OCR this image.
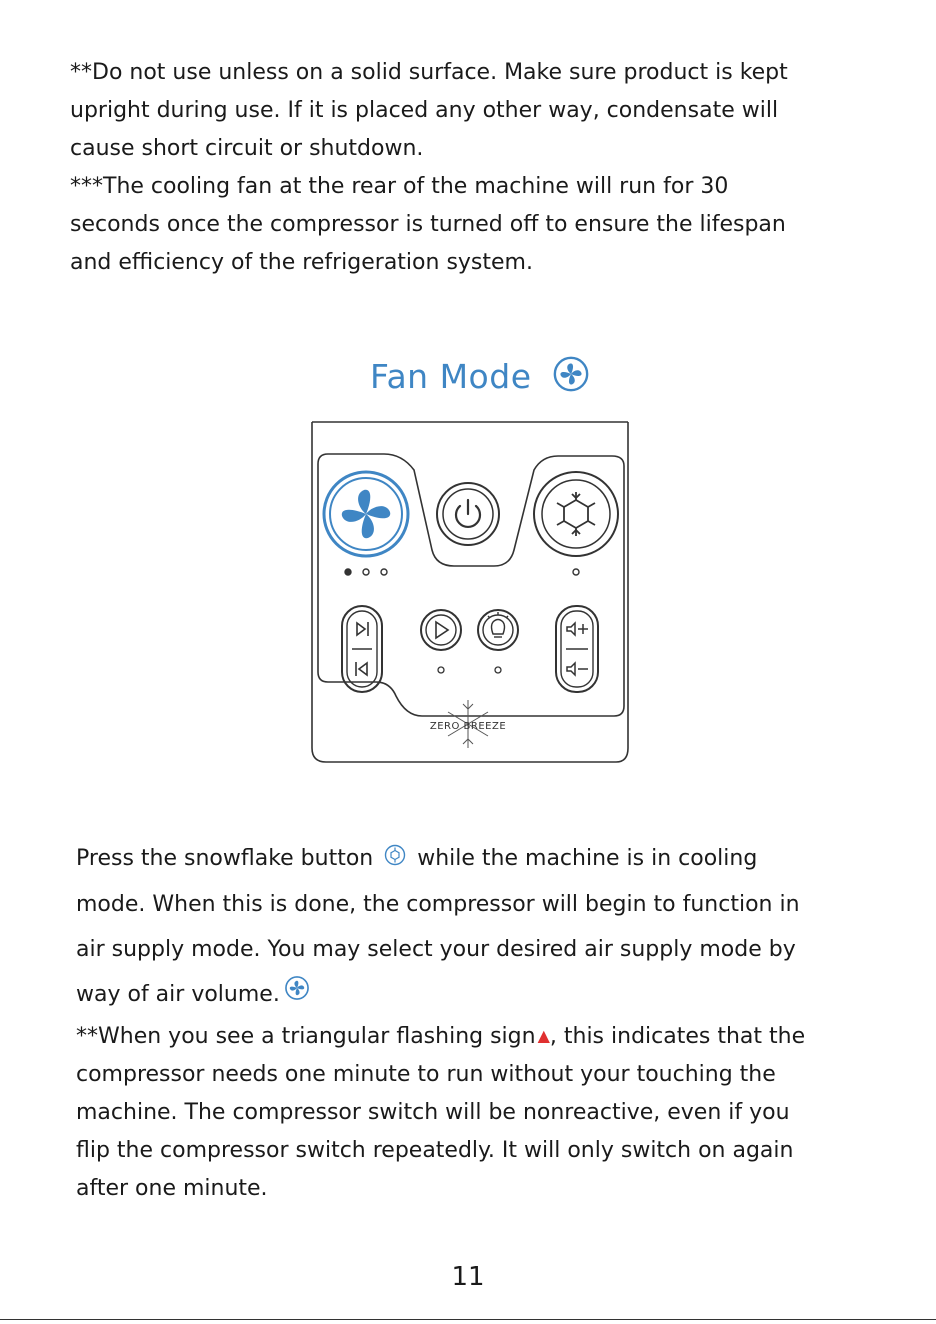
**Do not use unless on a solid surface. Make sure product is kept

upright during use. If it is placed any other way, condensate will

cause short circuit or shutdown.

***The cooling fan at the rear of the machine will run for 30

seconds once the compressor is turned off to ensure the lifespan

and efficiency of the refrigeration system.

Fan Mode
ZERO BREEZE

Press the snowflake button  while the machine is in cooling

mode. When this is done, the compressor will begin to function in

air supply mode. You may select your desired air supply mode by

way of air volume.

**When you see a triangular flashing sign ▲, this indicates that the

compressor needs one minute to run without your touching the

machine. The compressor switch will be nonreactive, even if you

flip the compressor switch repeatedly. It will only switch on again

after one minute.

11
